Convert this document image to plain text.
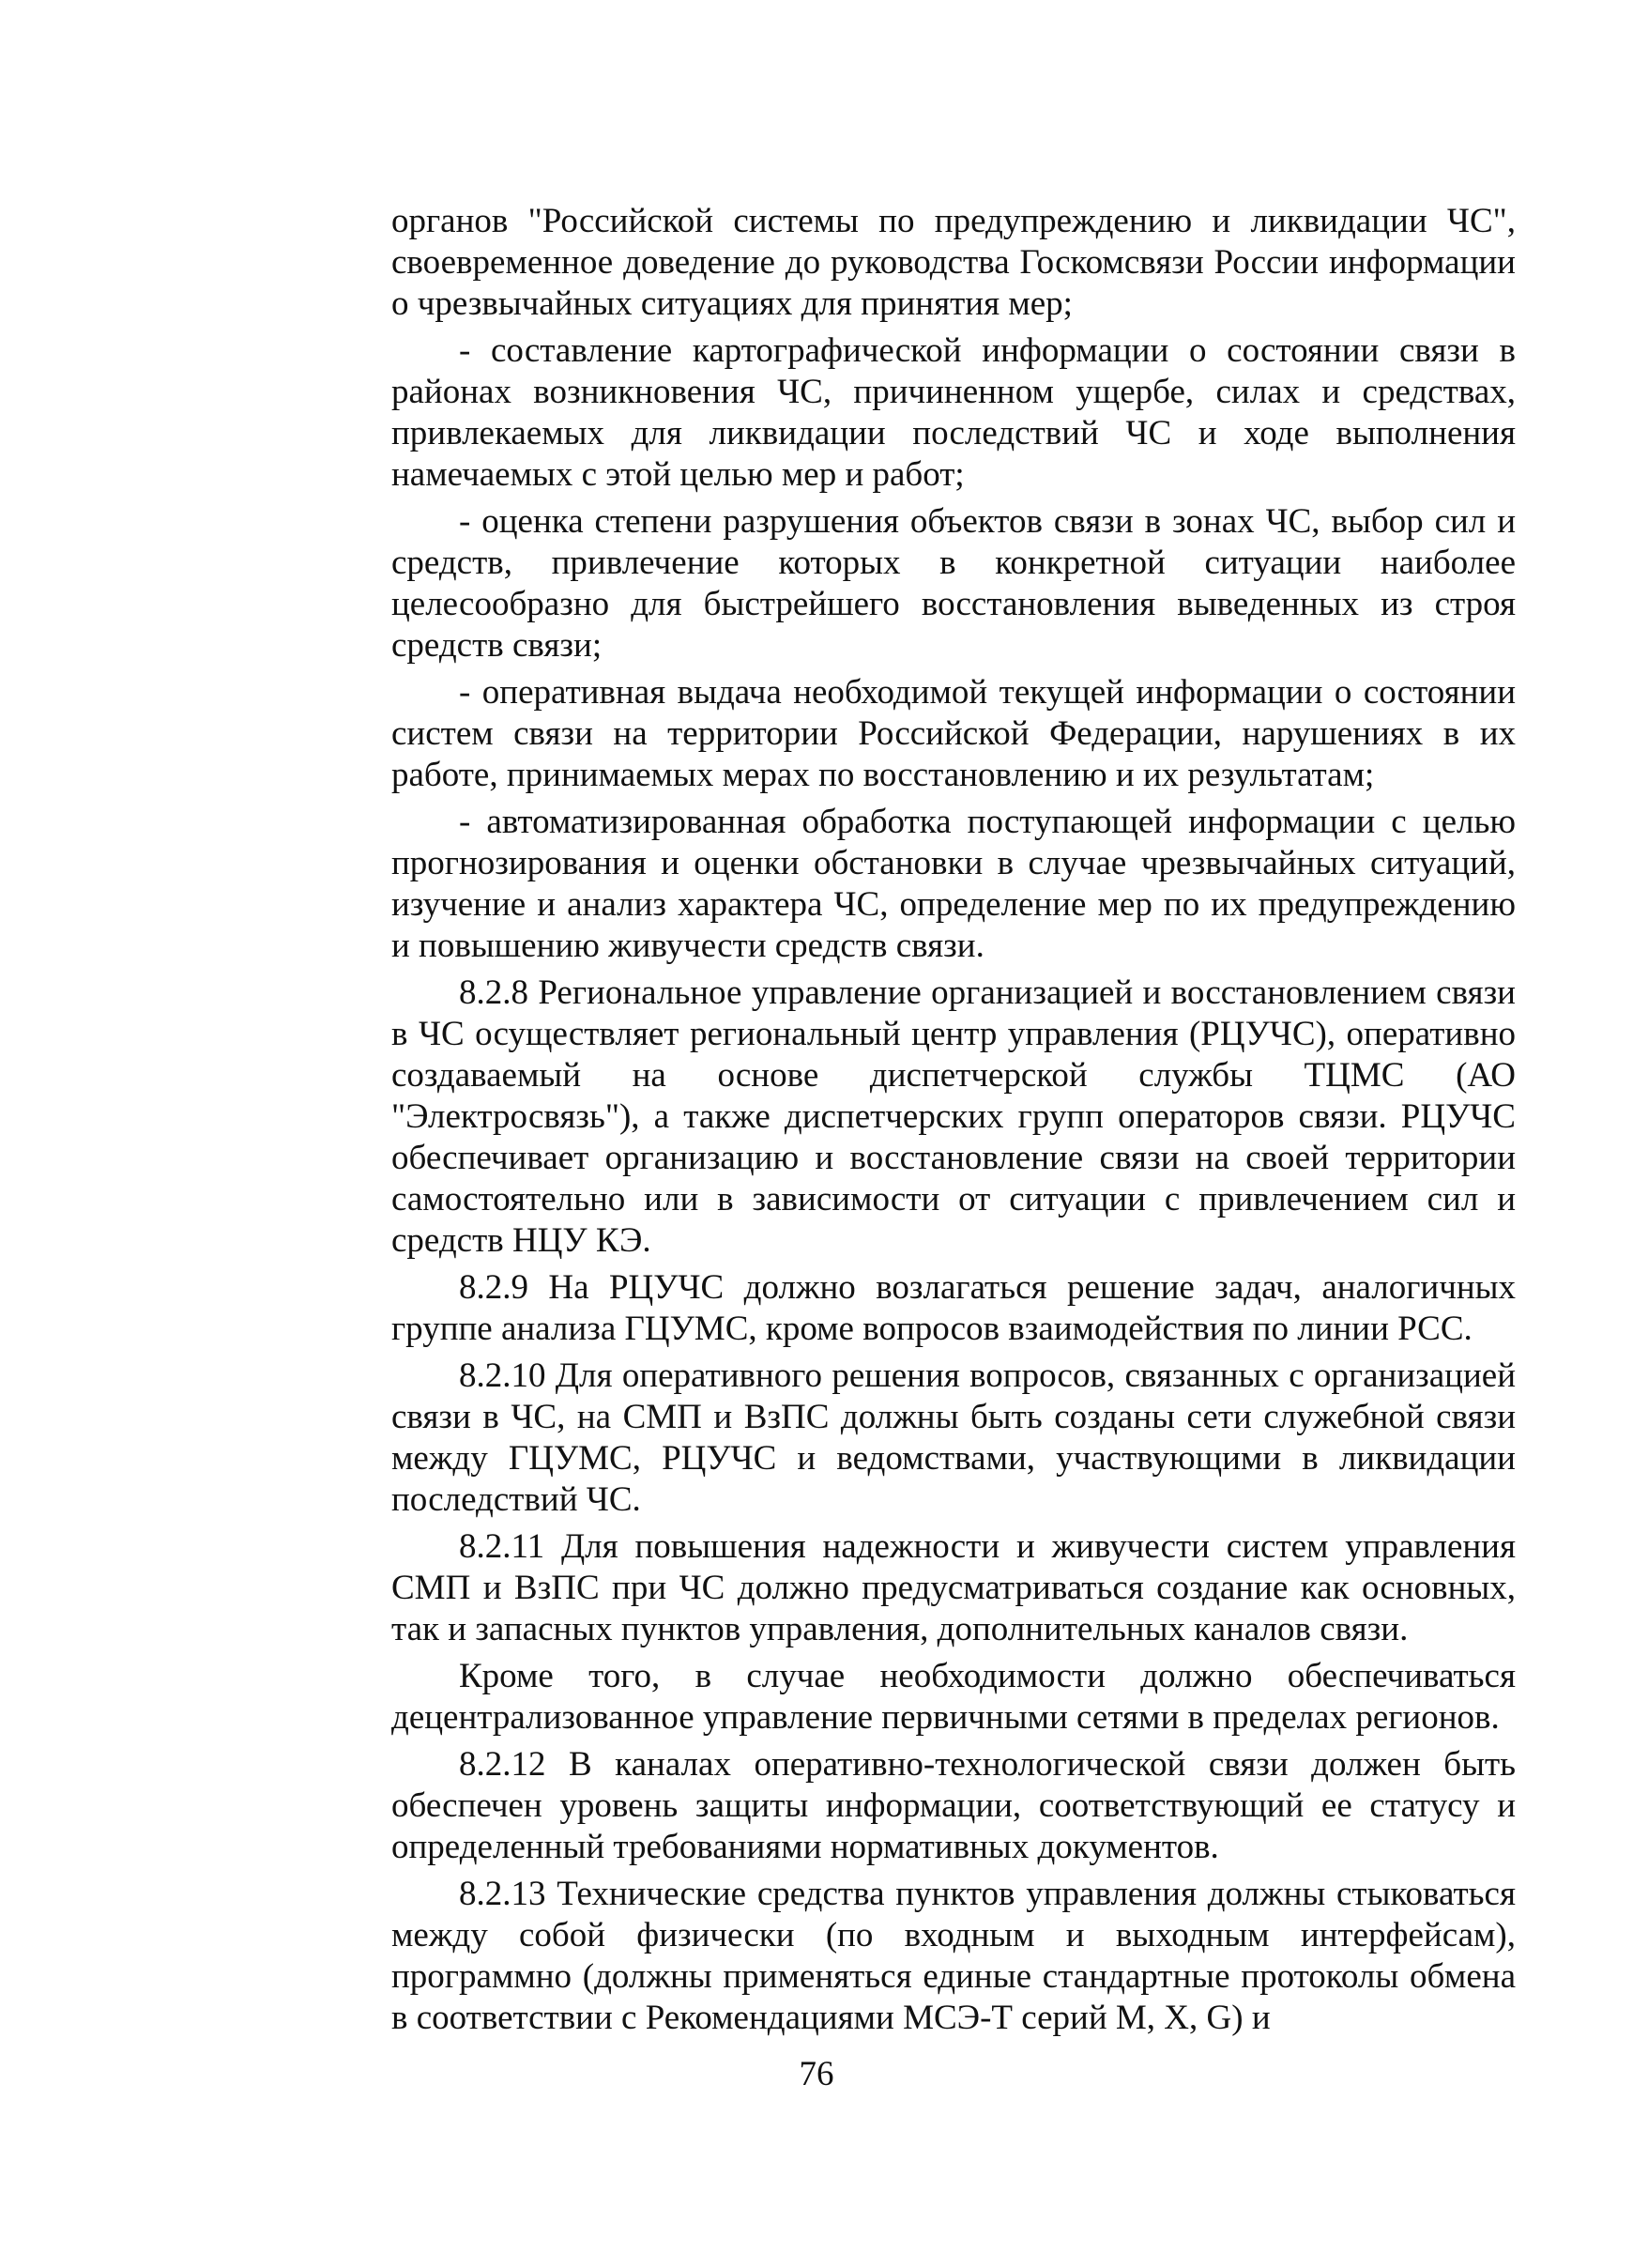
органов "Российской системы по предупреждению и ликвидации ЧС", своевременное доведение до руководства Госкомсвязи России информации о чрезвычайных ситуациях для принятия мер;

- составление картографической информации о состоянии связи в районах возникновения ЧС, причиненном ущербе, силах и средствах, привлекаемых для ликвидации последствий ЧС и ходе выполнения намечаемых с этой целью мер и работ;

- оценка степени разрушения объектов связи в зонах ЧС, выбор сил и средств, привлечение которых в конкретной ситуации наиболее целесообразно для быстрейшего восстановления выведенных из строя средств связи;

- оперативная выдача необходимой текущей информации о состоянии систем связи на территории Российской Федерации, нарушениях в их работе, принимаемых мерах по восстановлению и их результатам;

- автоматизированная обработка поступающей информации с целью прогнозирования и оценки обстановки в случае чрезвычайных ситуаций, изучение и анализ характера ЧС, определение мер по их предупреждению и повышению живучести средств связи.

8.2.8 Региональное управление организацией и восстановлением связи в ЧС осуществляет региональный центр управления (РЦУЧС), оперативно создаваемый на основе диспетчерской службы ТЦМС (АО "Электросвязь"), а также диспетчерских групп операторов связи. РЦУЧС обеспечивает организацию и восстановление связи на своей территории самостоятельно или в зависимости от ситуации с привлечением сил и средств НЦУ КЭ.

8.2.9 На РЦУЧС должно возлагаться решение задач, аналогичных группе анализа ГЦУМС, кроме вопросов взаимодействия по линии РСС.

8.2.10 Для оперативного решения вопросов, связанных с организацией связи в ЧС, на СМП и ВзПС должны быть созданы сети служебной связи между ГЦУМС, РЦУЧС и ведомствами, участвующими в ликвидации последствий ЧС.

8.2.11 Для повышения надежности и живучести систем управления СМП и ВзПС при ЧС должно предусматриваться создание как основных, так и запасных пунктов управления, дополнительных каналов связи.

Кроме того, в случае необходимости должно обеспечиваться децентрализованное управление первичными сетями в пределах регионов.

8.2.12 В каналах оперативно-технологической связи должен быть обеспечен уровень защиты информации, соответствующий ее статусу и определенный требованиями нормативных документов.

8.2.13 Технические средства пунктов управления должны стыковаться между собой физически (по входным и выходным интерфейсам), программно (должны применяться единые стандартные протоколы обмена в соответствии с Рекомендациями МСЭ-Т серий М, X, G) и

76
